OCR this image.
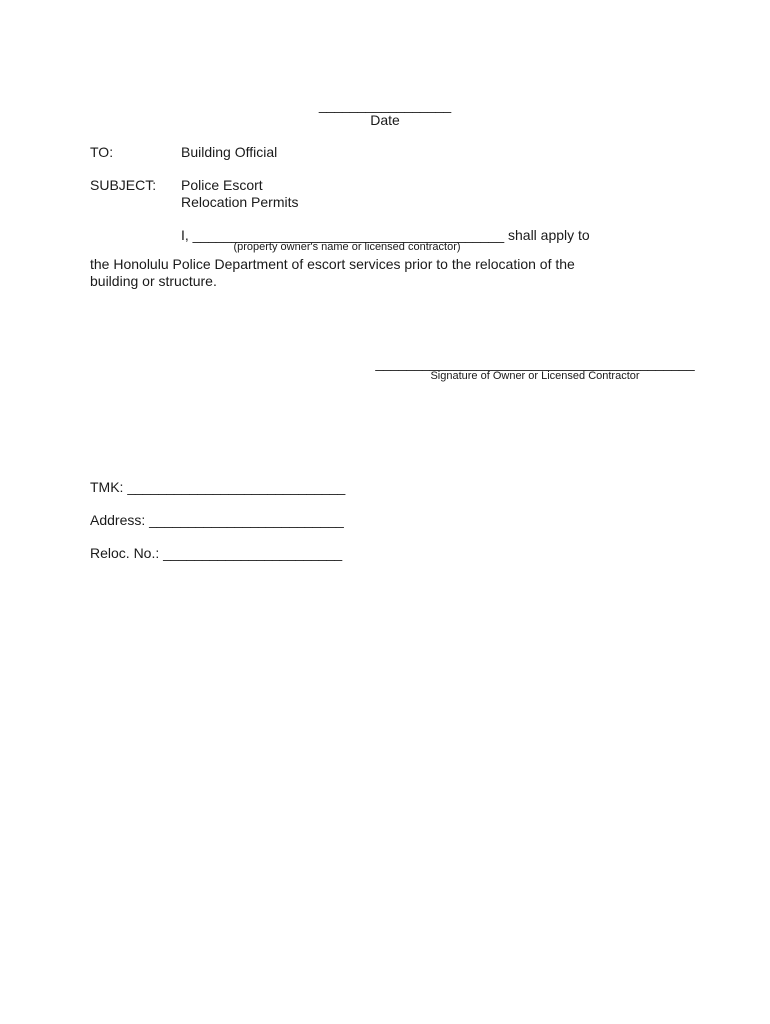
_________________
Date
TO:	Building Official
SUBJECT: Police Escort
Relocation Permits
I, ________________________________________ shall apply to
(property owner's name or licensed contractor)
the Honolulu Police Department of escort services prior to the relocation of the
building or structure.
_________________________________________
Signature of Owner or Licensed Contractor
TMK: ____________________________
Address: _________________________
Reloc. No.: _______________________
